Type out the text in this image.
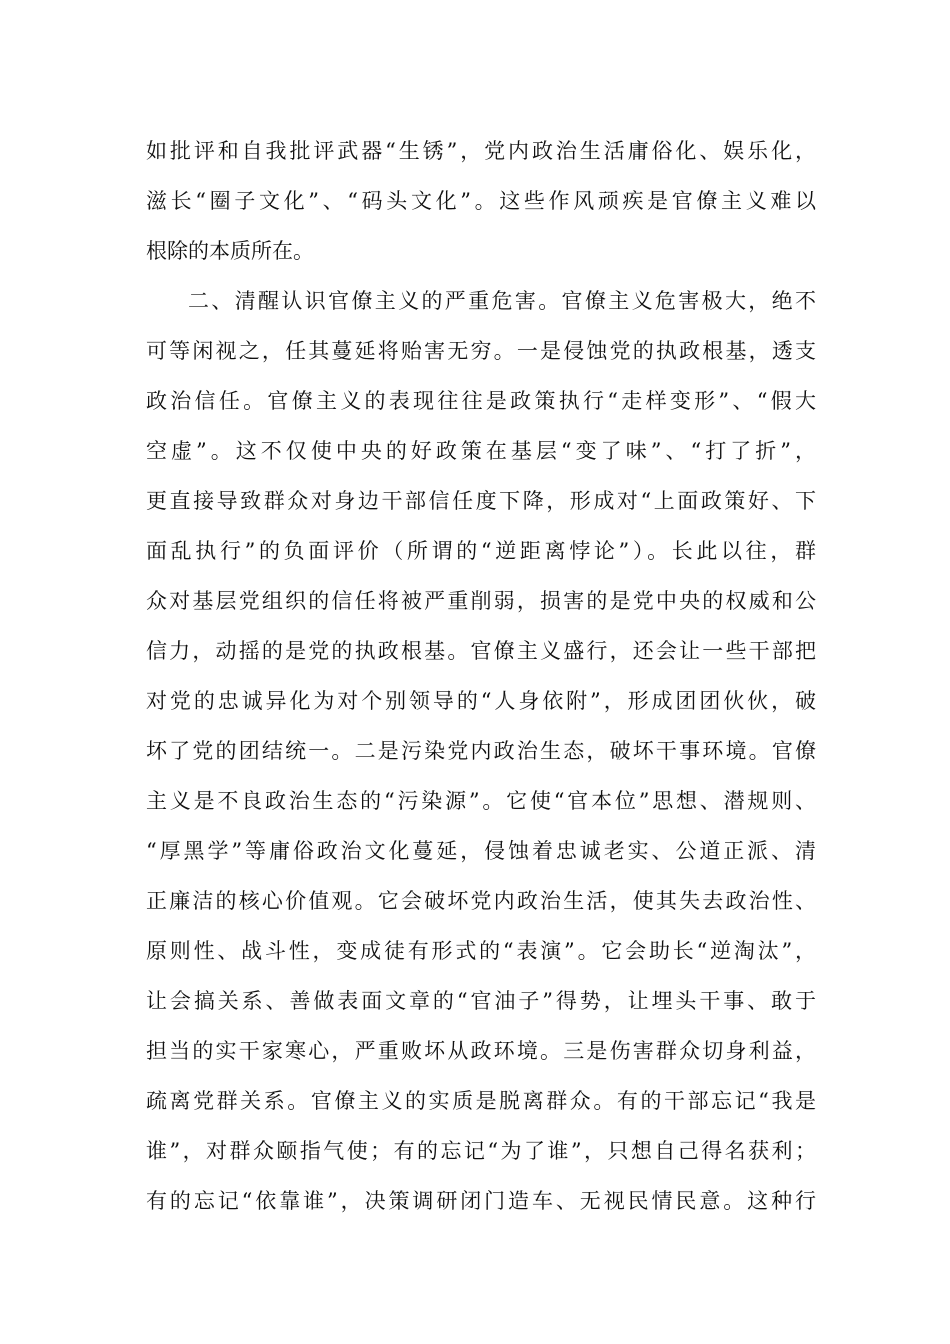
如批评和自我批评武器“生锈”，党内政治生活庸俗化、娱乐化，
滋长“圈子文化”、“码头文化”。这些作风顽疾是官僚主义难以
根除的本质所在。
二、清醒认识官僚主义的严重危害。官僚主义危害极大，绝不
可等闲视之，任其蔓延将贻害无穷。一是侵蚀党的执政根基，透支
政治信任。官僚主义的表现往往是政策执行“走样变形”、“假大
空虚”。这不仅使中央的好政策在基层“变了味”、“打了折”，
更直接导致群众对身边干部信任度下降，形成对“上面政策好、下
面乱执行”的负面评价（所谓的“逆距离悖论”）。长此以往，群
众对基层党组织的信任将被严重削弱，损害的是党中央的权威和公
信力，动摇的是党的执政根基。官僚主义盛行，还会让一些干部把
对党的忠诚异化为对个别领导的“人身依附”，形成团团伙伙，破
坏了党的团结统一。二是污染党内政治生态，破坏干事环境。官僚
主义是不良政治生态的“污染源”。它使“官本位”思想、潜规则、
“厚黑学”等庸俗政治文化蔓延，侵蚀着忠诚老实、公道正派、清
正廉洁的核心价值观。它会破坏党内政治生活，使其失去政治性、
原则性、战斗性，变成徒有形式的“表演”。它会助长“逆淘汰”，
让会搞关系、善做表面文章的“官油子”得势，让埋头干事、敢于
担当的实干家寒心，严重败坏从政环境。三是伤害群众切身利益，
疏离党群关系。官僚主义的实质是脱离群众。有的干部忘记“我是
谁”，对群众颐指气使；有的忘记“为了谁”，只想自己得名获利；
有的忘记“依靠谁”，决策调研闭门造车、无视民情民意。这种行
